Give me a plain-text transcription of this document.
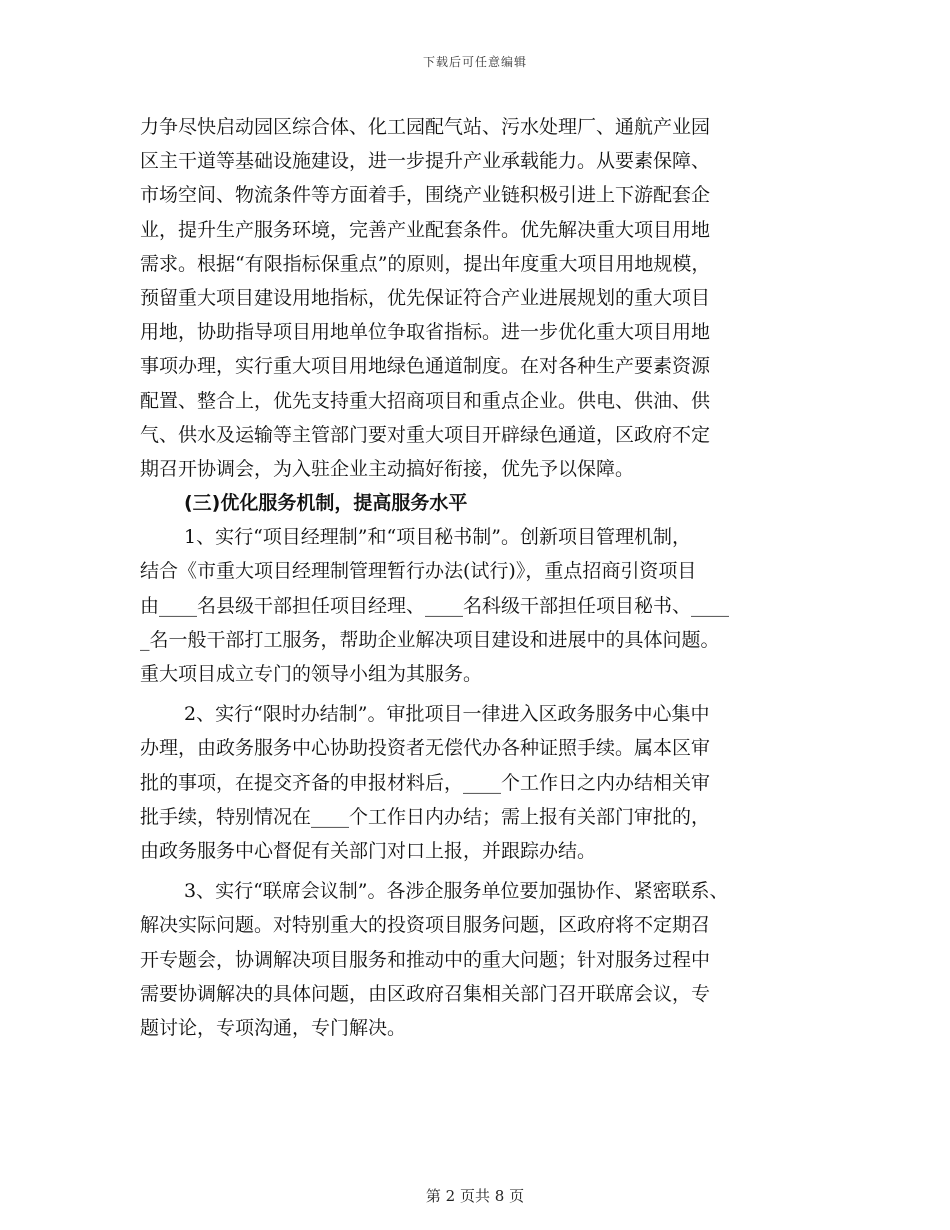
下载后可任意编辑
力争尽快启动园区综合体、化工园配气站、污水处理厂、通航产业园
区主干道等基础设施建设，进一步提升产业承载能力。从要素保障、
市场空间、物流条件等方面着手，围绕产业链积极引进上下游配套企
业，提升生产服务环境，完善产业配套条件。优先解决重大项目用地
需求。根据“有限指标保重点”的原则，提出年度重大项目用地规模，
预留重大项目建设用地指标，优先保证符合产业进展规划的重大项目
用地，协助指导项目用地单位争取省指标。进一步优化重大项目用地
事项办理，实行重大项目用地绿色通道制度。在对各种生产要素资源
配置、整合上，优先支持重大招商项目和重点企业。供电、供油、供
气、供水及运输等主管部门要对重大项目开辟绿色通道，区政府不定
期召开协调会，为入驻企业主动搞好衔接，优先予以保障。
(三)优化服务机制，提高服务水平
1、实行“项目经理制”和“项目秘书制”。创新项目管理机制，
结合《市重大项目经理制管理暂行办法(试行)》，重点招商引资项目
由____名县级干部担任项目经理、____名科级干部担任项目秘书、____
_名一般干部打工服务，帮助企业解决项目建设和进展中的具体问题。
重大项目成立专门的领导小组为其服务。
2、实行“限时办结制”。审批项目一律进入区政务服务中心集中
办理，由政务服务中心协助投资者无偿代办各种证照手续。属本区审
批的事项，在提交齐备的申报材料后，____个工作日之内办结相关审
批手续，特别情况在____个工作日内办结；需上报有关部门审批的，
由政务服务中心督促有关部门对口上报，并跟踪办结。
3、实行“联席会议制”。各涉企服务单位要加强协作、紧密联系、
解决实际问题。对特别重大的投资项目服务问题，区政府将不定期召
开专题会，协调解决项目服务和推动中的重大问题；针对服务过程中
需要协调解决的具体问题，由区政府召集相关部门召开联席会议，专
题讨论，专项沟通，专门解决。
第 2 页共 8 页
